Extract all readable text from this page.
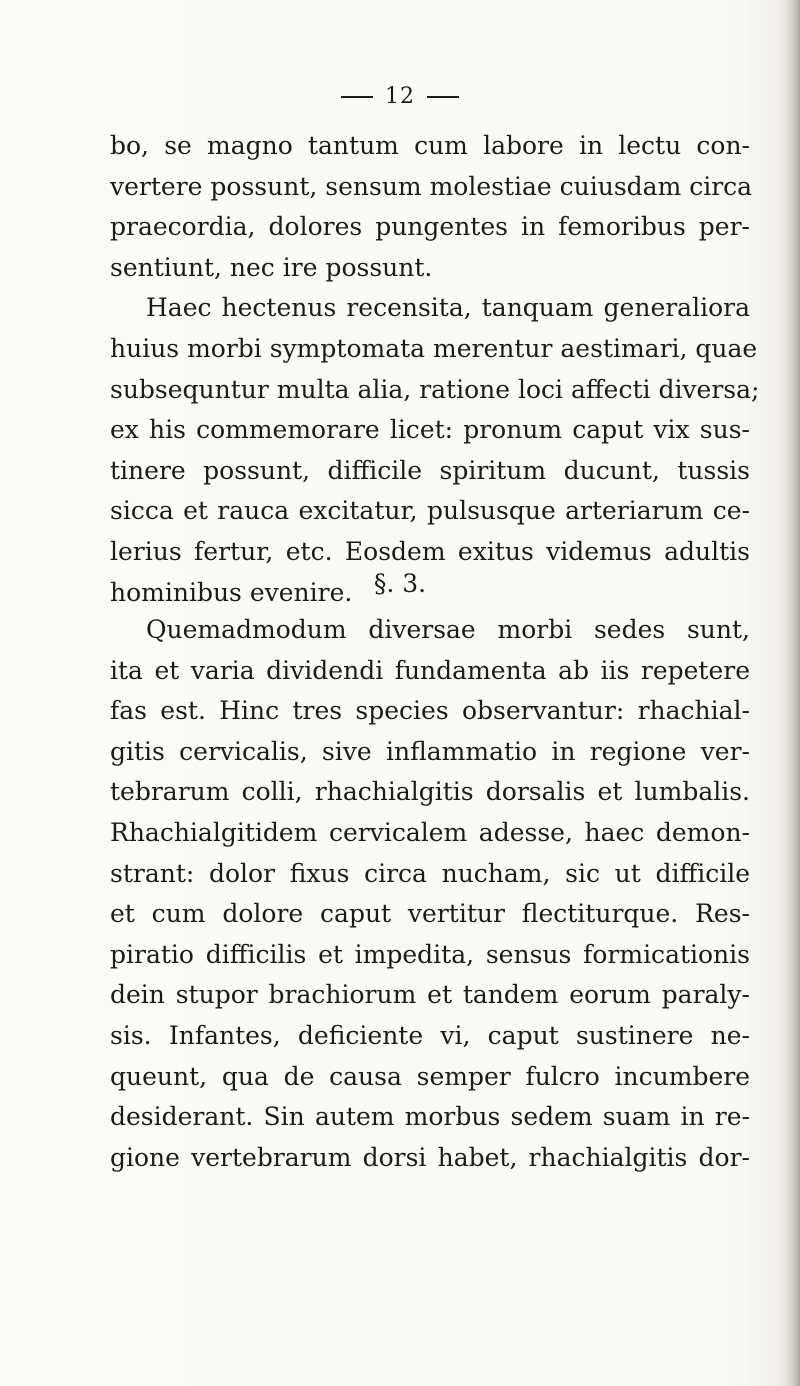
12
bo, se magno tantum cum labore in lectu con-
vertere possunt, sensum molestiae cuiusdam circa
praecordia, dolores pungentes in femoribus per-
sentiunt, nec ire possunt.
Haec hectenus recensita, tanquam generaliora
huius morbi symptomata merentur aestimari, quae
subsequntur multa alia, ratione loci affecti diversa;
ex his commemorare licet: pronum caput vix sus-
tinere possunt, difficile spiritum ducunt, tussis
sicca et rauca excitatur, pulsusque arteriarum ce-
lerius fertur, etc. Eosdem exitus videmus adultis
hominibus evenire. §. 3.
Quemadmodum diversae morbi sedes sunt,
ita et varia dividendi fundamenta ab iis repetere
fas est. Hinc tres species observantur: rhachial-
gitis cervicalis, sive inflammatio in regione ver-
tebrarum colli, rhachialgitis dorsalis et lumbalis.
Rhachialgitidem cervicalem adesse, haec demon-
strant: dolor fixus circa nucham, sic ut difficile
et cum dolore caput vertitur flectiturque. Res-
piratio difficilis et impedita, sensus formicationis
dein stupor brachiorum et tandem eorum paraly-
sis. Infantes, deficiente vi, caput sustinere ne-
queunt, qua de causa semper fulcro incumbere
desiderant. Sin autem morbus sedem suam in re-
gione vertebrarum dorsi habet, rhachialgitis dor-
